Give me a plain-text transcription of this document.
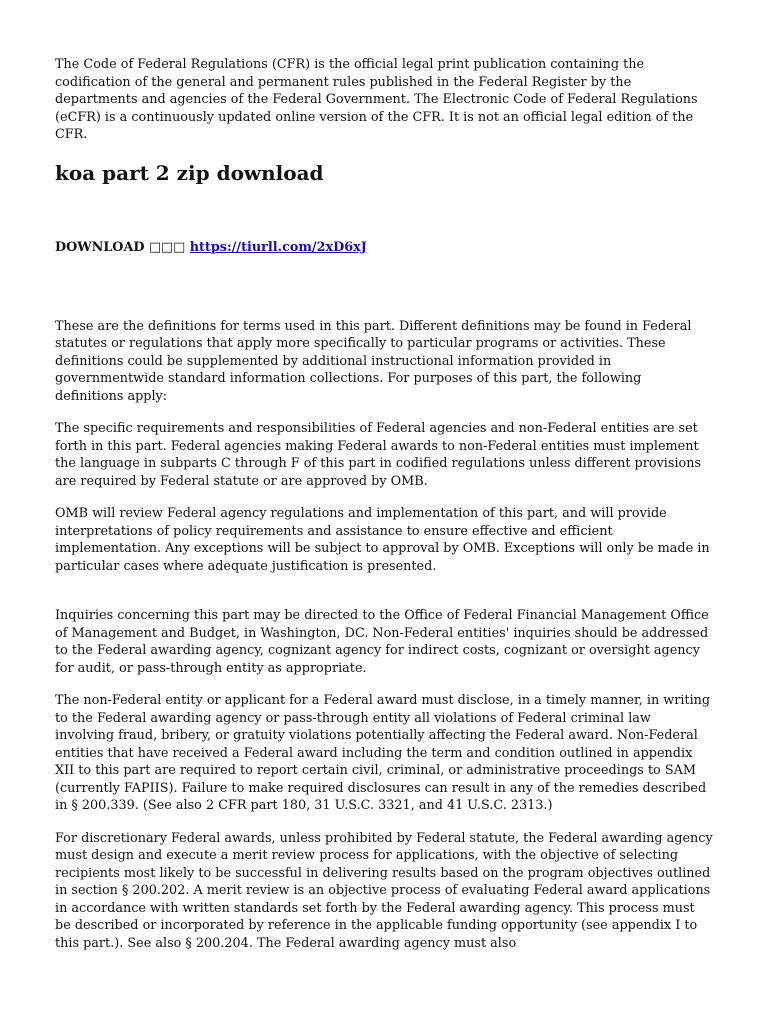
The Code of Federal Regulations (CFR) is the official legal print publication containing the codification of the general and permanent rules published in the Federal Register by the departments and agencies of the Federal Government. The Electronic Code of Federal Regulations (eCFR) is a continuously updated online version of the CFR. It is not an official legal edition of the CFR.

koa part 2 zip download
DOWNLOAD □□□ https://tiurll.com/2xD6xJ

These are the definitions for terms used in this part. Different definitions may be found in Federal statutes or regulations that apply more specifically to particular programs or activities. These definitions could be supplemented by additional instructional information provided in governmentwide standard information collections. For purposes of this part, the following definitions apply:

The specific requirements and responsibilities of Federal agencies and non-Federal entities are set forth in this part. Federal agencies making Federal awards to non-Federal entities must implement the language in subparts C through F of this part in codified regulations unless different provisions are required by Federal statute or are approved by OMB.

OMB will review Federal agency regulations and implementation of this part, and will provide interpretations of policy requirements and assistance to ensure effective and efficient implementation. Any exceptions will be subject to approval by OMB. Exceptions will only be made in particular cases where adequate justification is presented.

Inquiries concerning this part may be directed to the Office of Federal Financial Management Office of Management and Budget, in Washington, DC. Non-Federal entities' inquiries should be addressed to the Federal awarding agency, cognizant agency for indirect costs, cognizant or oversight agency for audit, or pass-through entity as appropriate.

The non-Federal entity or applicant for a Federal award must disclose, in a timely manner, in writing to the Federal awarding agency or pass-through entity all violations of Federal criminal law involving fraud, bribery, or gratuity violations potentially affecting the Federal award. Non-Federal entities that have received a Federal award including the term and condition outlined in appendix XII to this part are required to report certain civil, criminal, or administrative proceedings to SAM (currently FAPIIS). Failure to make required disclosures can result in any of the remedies described in § 200.339. (See also 2 CFR part 180, 31 U.S.C. 3321, and 41 U.S.C. 2313.)

For discretionary Federal awards, unless prohibited by Federal statute, the Federal awarding agency must design and execute a merit review process for applications, with the objective of selecting recipients most likely to be successful in delivering results based on the program objectives outlined in section § 200.202. A merit review is an objective process of evaluating Federal award applications in accordance with written standards set forth by the Federal awarding agency. This process must be described or incorporated by reference in the applicable funding opportunity (see appendix I to this part.). See also § 200.204. The Federal awarding agency must also
